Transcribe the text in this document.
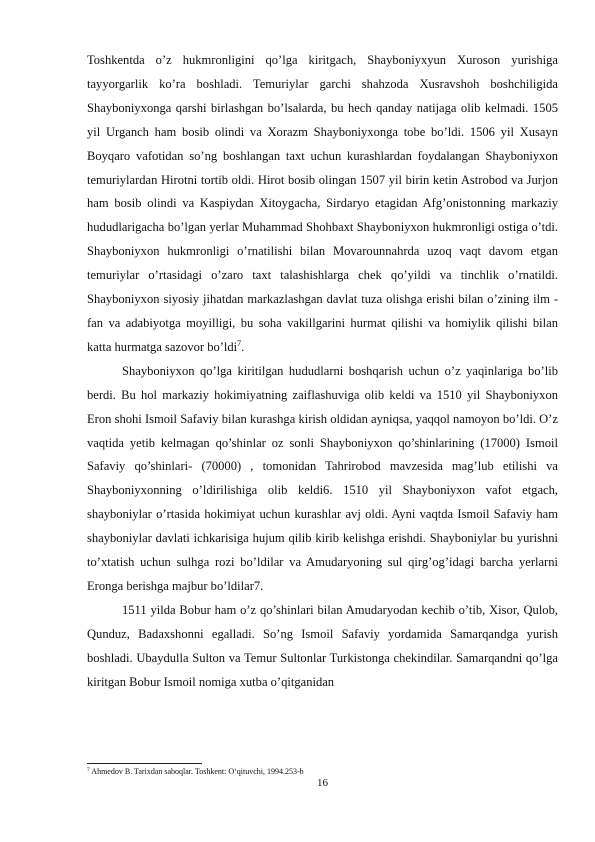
Toshkentda o’z hukmronligini qo’lga kiritgach, Shayboniyxyun Xuroson yurishiga tayyorgarlik ko’ra boshladi. Temuriylar garchi shahzoda Xusravshoh boshchiligida Shayboniyxonga qarshi birlashgan bo’lsalarda, bu hech qanday natijaga olib kelmadi. 1505 yil Urganch ham bosib olindi va Xorazm Shayboniyxonga tobe bo’ldi. 1506 yil Xusayn Boyqaro vafotidan so’ng boshlangan taxt uchun kurashlardan foydalangan Shayboniyxon temuriylardan Hirotni tortib oldi. Hirot bosib olingan 1507 yil birin ketin Astrobod va Jurjon ham bosib olindi va Kaspiydan Xitoygacha, Sirdaryo etagidan Afg’onistonning markaziy hududlarigacha bo’lgan yerlar Muhammad Shohbaxt Shayboniyxon hukmronligi ostiga o’tdi. Shayboniyxon hukmronligi o’rnatilishi bilan Movarounnahrda uzoq vaqt davom etgan temuriylar o’rtasidagi o’zaro taxt talashishlarga chek qo’yildi va tinchlik o’rnatildi. Shayboniyxon siyosiy jihatdan markazlashgan davlat tuza olishga erishi bilan o’zining ilm -fan va adabiyotga moyilligi, bu soha vakillgarini hurmat qilishi va homiylik qilishi bilan katta hurmatga sazovor bo’ldi$^7$.

Shayboniyxon qo’lga kiritilgan hududlarni boshqarish uchun o’z yaqinlariga bo’lib berdi. Bu hol markaziy hokimiyatning zaiflashuviga olib keldi va 1510 yil Shayboniyxon Eron shohi Ismoil Safaviy bilan kurashga kirish oldidan ayniqsa, yaqqol namoyon bo’ldi. O’z vaqtida yetib kelmagan qo’shinlar oz sonli Shayboniyxon qo’shinlarining (17000) Ismoil Safaviy qo’shinlari- (70000) , tomonidan Tahrirobod mavzesida mag’lub etilishi va Shayboniyxonning o’ldirilishiga olib keldi6. 1510 yil Shayboniyxon vafot etgach, shayboniylar o’rtasida hokimiyat uchun kurashlar avj oldi. Ayni vaqtda Ismoil Safaviy ham shayboniylar davlati ichkarisiga hujum qilib kirib kelishga erishdi. Shayboniylar bu yurishni to’xtatish uchun sulhga rozi bo’ldilar va Amudaryoning sul qirg’og’idagi barcha yerlarni Eronga berishga majbur bo’ldilar7.

1511 yilda Bobur ham o’z qo’shinlari bilan Amudaryodan kechib o’tib, Xisor, Qulob, Qunduz, Badaxshonni egalladi. So’ng Ismoil Safaviy yordamida Samarqandga yurish boshladi. Ubaydulla Sulton va Temur Sultonlar Turkistonga chekindilar. Samarqandni qo’lga kiritgan Bobur Ismoil nomiga xutba o’qitganidan

$^7$ Ahmedov B. Tarixdan saboqlar. Toshkent: O‘qituvchi, 1994.253-b
16
